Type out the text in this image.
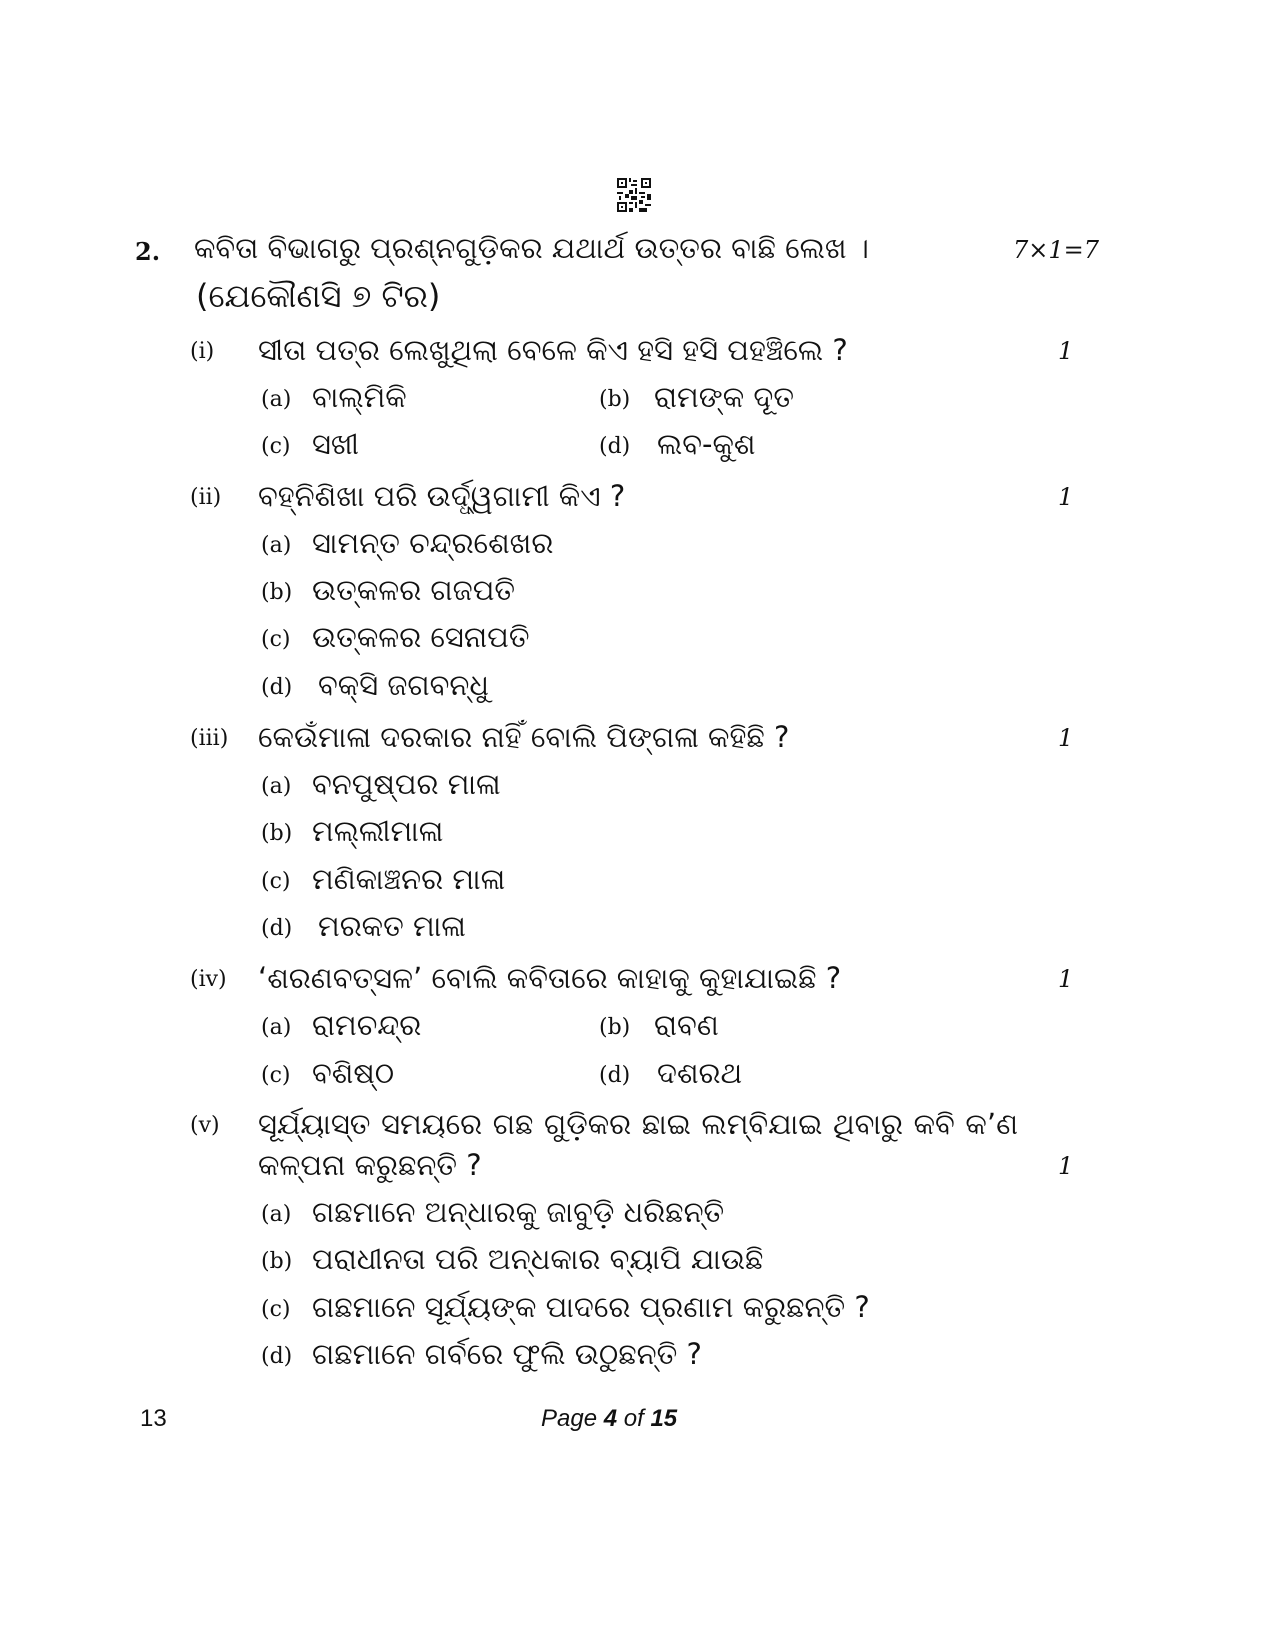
2. କବିତା ବିଭାଗରୁ ପ୍ରଶ୍ନଗୁଡ଼ିକର ଯଥାର୍ଥ ଉତ୍ତର ବାଛି ଲେଖ ।	7×1=7
(ଯେକୌଣସି ୭ ଟିର)
(i) ସୀତା ପତ୍ର ଲେଖୁଥିଲା ବେଳେ କିଏ ହସି ହସି ପହଞ୍ଚିଲେ ?	1
(a) ବାଲ୍ମିକି	(b) ରାମଙ୍କ ଦୂତ
(c) ସଖୀ	(d) ଲବ-କୁଶ
(ii) ବହ୍ନିଶିଖା ପରି ଉର୍ଦ୍ଧ୍ୱଗାମୀ କିଏ ?	1
(a) ସାମନ୍ତ ଚନ୍ଦ୍ରଶେଖର
(b) ଉତ୍କଳର ଗଜପତି
(c) ଉତ୍କଳର ସେନାପତି
(d) ବକ୍ସି ଜଗବନ୍ଧୁ
(iii) କେଉଁମାଳା ଦରକାର ନାହିଁ ବୋଲି ପିଙ୍ଗଳା କହିଛି ?	1
(a) ବନପୁଷ୍ପର ମାଳା
(b) ମଲ୍ଲୀମାଳା
(c) ମଣିକାଞ୍ଚନର ମାଳା
(d) ମରକତ ମାଳା
(iv) ‘ଶରଣବତ୍ସଳ’ ବୋଲି କବିତାରେ କାହାକୁ କୁହାଯାଇଛି ?	1
(a) ରାମଚନ୍ଦ୍ର	(b) ରାବଣ
(c) ବଶିଷ୍ଠ	(d) ଦଶରଥ
(v) ସୂର୍ଯ୍ୟାସ୍ତ ସମୟରେ ଗଛ ଗୁଡ଼ିକର ଛାଇ ଲମ୍ବିଯାଇ ଥିବାରୁ କବି କ’ଣ
କଳ୍ପନା କରୁଛନ୍ତି ?	1
(a) ଗଛମାନେ ଅନ୍ଧାରକୁ ଜାବୁଡ଼ି ଧରିଛନ୍ତି
(b) ପରାଧୀନତା ପରି ଅନ୍ଧକାର ବ୍ୟାପି ଯାଉଛି
(c) ଗଛମାନେ ସୂର୍ଯ୍ୟଙ୍କ ପାଦରେ ପ୍ରଣାମ କରୁଛନ୍ତି ?
(d) ଗଛମାନେ ଗର୍ବରେ ଫୁଲି ଉଠୁଛନ୍ତି ?
13	Page 4 of 15
